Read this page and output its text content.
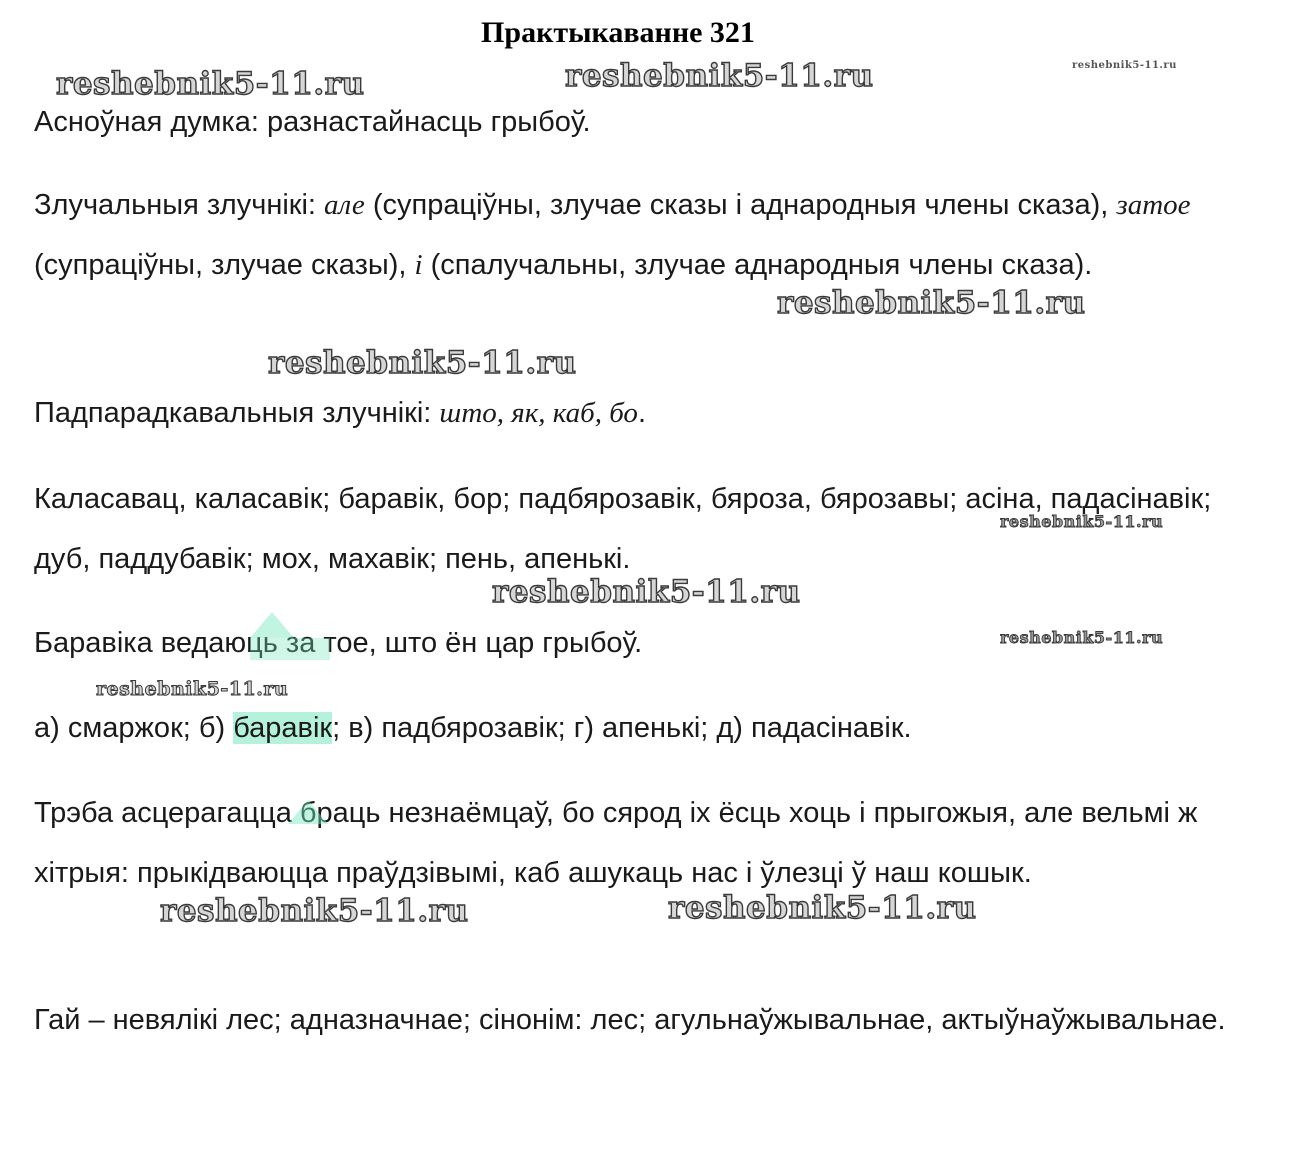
Практыкаванне 321

Асноўная думка: разнастайнасць грыбоў.

Злучальныя злучнікі: але (супраціўны, злучае сказы і аднародныя члены сказа), затое (супраціўны, злучае сказы), і (спалучальны, злучае аднародныя члены сказа).

Падпарадкавальныя злучнікі: што, як, каб, бо.

Каласавац, каласавік; баравік, бор; падбярозавік, бяроза, бярозавы; асіна, падасінавік; дуб, паддубавік; мох, махавік; пень, апенькі.

Баравіка ведаюць за тое, што ён цар грыбоў.

а) смаржок; б) баравік; в) падбярозавік; г) апенькі; д) падасінавік.

Трэба асцерагацца браць незнаёмцаў, бо сярод іх ёсць хоць і прыгожыя, але вельмі ж хітрыя: прыкідваюцца праўдзівымі, каб ашукаць нас і ўлезці ў наш кошык.

Гай – невялікі лес; адназначнае; сінонім: лес; агульнаўжывальнае, актыўнаўжывальнае.

reshebnik5-11.ru	reshebnik5-11.ru	reshebnik5-11.ru
reshebnik5-11.ru
reshebnik5-11.ru
reshebnik5-11.ru
reshebnik5-11.ru
reshebnik5-11.ru
reshebnik5-11.ru
reshebnik5-11.ru	reshebnik5-11.ru
